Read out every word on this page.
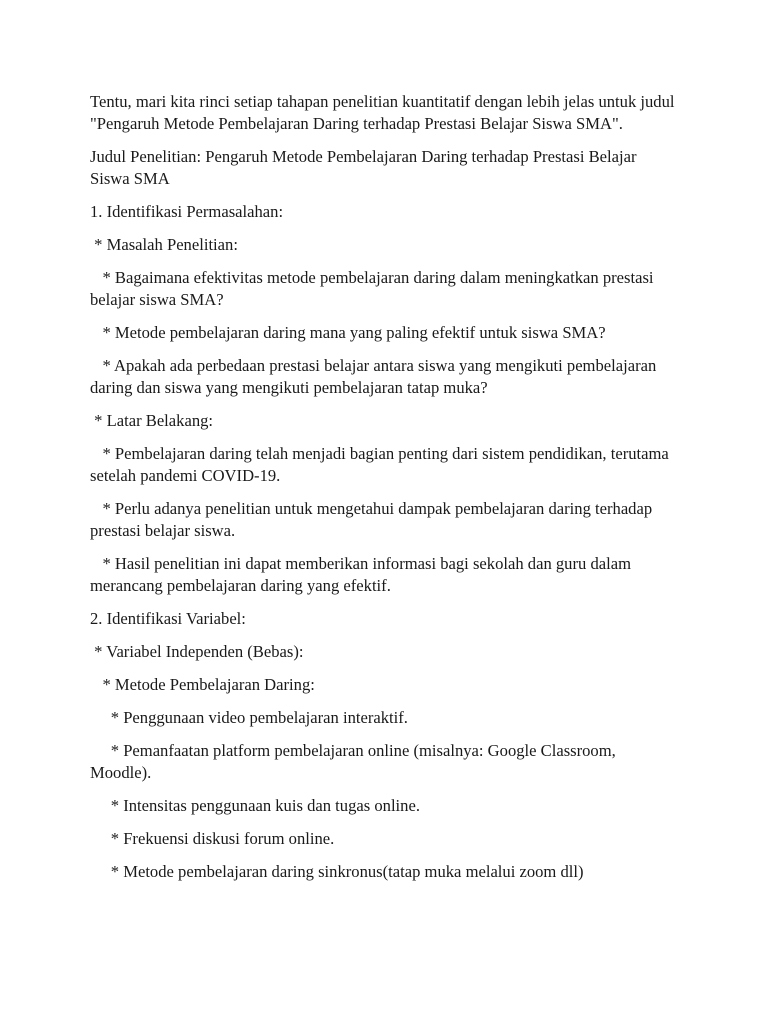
Tentu, mari kita rinci setiap tahapan penelitian kuantitatif dengan lebih jelas untuk judul "Pengaruh Metode Pembelajaran Daring terhadap Prestasi Belajar Siswa SMA".

Judul Penelitian: Pengaruh Metode Pembelajaran Daring terhadap Prestasi Belajar Siswa SMA

1. Identifikasi Permasalahan:

* Masalah Penelitian:

* Bagaimana efektivitas metode pembelajaran daring dalam meningkatkan prestasi belajar siswa SMA?

* Metode pembelajaran daring mana yang paling efektif untuk siswa SMA?

* Apakah ada perbedaan prestasi belajar antara siswa yang mengikuti pembelajaran daring dan siswa yang mengikuti pembelajaran tatap muka?

* Latar Belakang:

* Pembelajaran daring telah menjadi bagian penting dari sistem pendidikan, terutama setelah pandemi COVID-19.

* Perlu adanya penelitian untuk mengetahui dampak pembelajaran daring terhadap prestasi belajar siswa.

* Hasil penelitian ini dapat memberikan informasi bagi sekolah dan guru dalam merancang pembelajaran daring yang efektif.

2. Identifikasi Variabel:

* Variabel Independen (Bebas):

* Metode Pembelajaran Daring:

* Penggunaan video pembelajaran interaktif.

* Pemanfaatan platform pembelajaran online (misalnya: Google Classroom, Moodle).

* Intensitas penggunaan kuis dan tugas online.

* Frekuensi diskusi forum online.

* Metode pembelajaran daring sinkronus(tatap muka melalui zoom dll)
